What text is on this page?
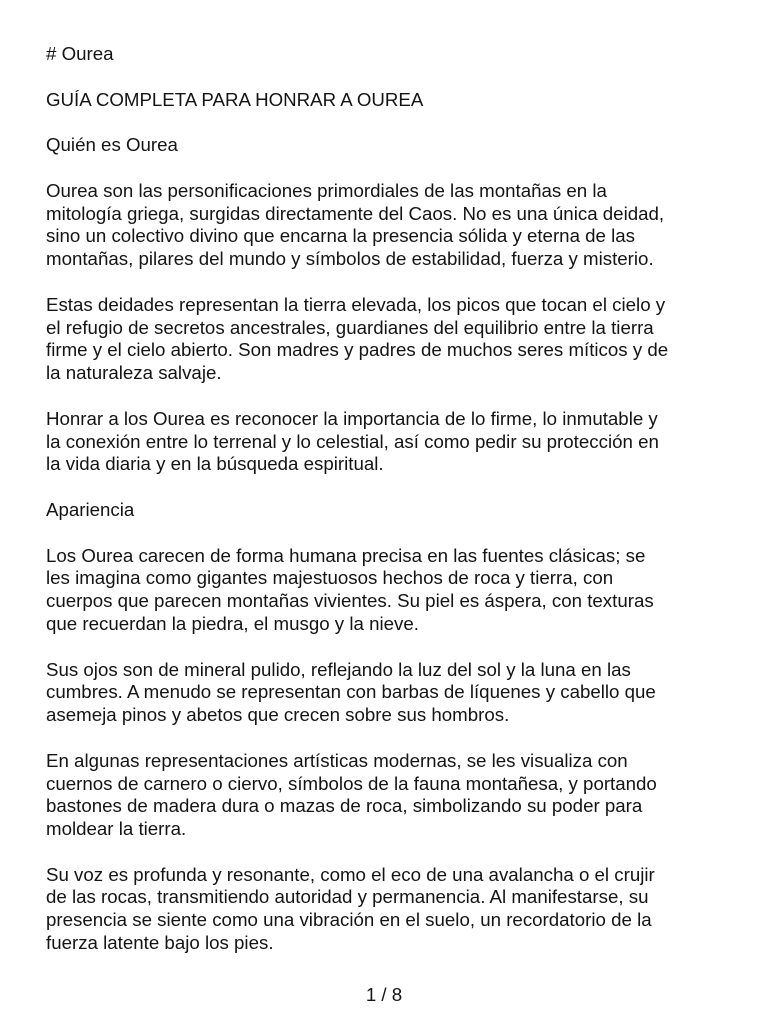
# Ourea
GUÍA COMPLETA PARA HONRAR A OUREA
Quién es Ourea
Ourea son las personificaciones primordiales de las montañas en la
mitología griega, surgidas directamente del Caos. No es una única deidad,
sino un colectivo divino que encarna la presencia sólida y eterna de las
montañas, pilares del mundo y símbolos de estabilidad, fuerza y misterio.
Estas deidades representan la tierra elevada, los picos que tocan el cielo y
el refugio de secretos ancestrales, guardianes del equilibrio entre la tierra
firme y el cielo abierto. Son madres y padres de muchos seres míticos y de
la naturaleza salvaje.
Honrar a los Ourea es reconocer la importancia de lo firme, lo inmutable y
la conexión entre lo terrenal y lo celestial, así como pedir su protección en
la vida diaria y en la búsqueda espiritual.
Apariencia
Los Ourea carecen de forma humana precisa en las fuentes clásicas; se
les imagina como gigantes majestuosos hechos de roca y tierra, con
cuerpos que parecen montañas vivientes. Su piel es áspera, con texturas
que recuerdan la piedra, el musgo y la nieve.
Sus ojos son de mineral pulido, reflejando la luz del sol y la luna en las
cumbres. A menudo se representan con barbas de líquenes y cabello que
asemeja pinos y abetos que crecen sobre sus hombros.
En algunas representaciones artísticas modernas, se les visualiza con
cuernos de carnero o ciervo, símbolos de la fauna montañesa, y portando
bastones de madera dura o mazas de roca, simbolizando su poder para
moldear la tierra.
Su voz es profunda y resonante, como el eco de una avalancha o el crujir
de las rocas, transmitiendo autoridad y permanencia. Al manifestarse, su
presencia se siente como una vibración en el suelo, un recordatorio de la
fuerza latente bajo los pies.
1 / 8
